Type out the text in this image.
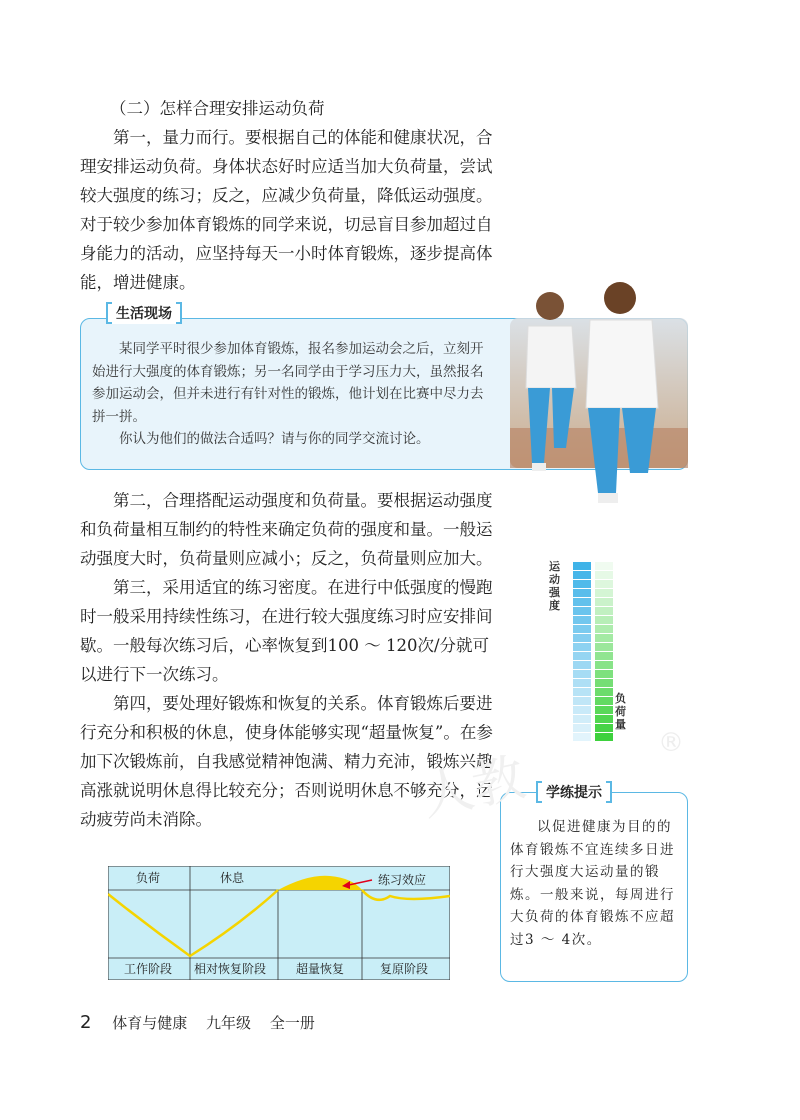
（二）怎样合理安排运动负荷

第一，量力而行。要根据自己的体能和健康状况，合理安排运动负荷。身体状态好时应适当加大负荷量，尝试较大强度的练习；反之，应减少负荷量，降低运动强度。对于较少参加体育锻炼的同学来说，切忌盲目参加超过自身能力的活动，应坚持每天一小时体育锻炼，逐步提高体能，增进健康。

生活现场

某同学平时很少参加体育锻炼，报名参加运动会之后，立刻开始进行大强度的体育锻炼；另一名同学由于学习压力大，虽然报名参加运动会，但并未进行有针对性的锻炼，他计划在比赛中尽力去拼一拼。

你认为他们的做法合适吗？请与你的同学交流讨论。

第二，合理搭配运动强度和负荷量。要根据运动强度和负荷量相互制约的特性来确定负荷的强度和量。一般运动强度大时，负荷量则应减小；反之，负荷量则应加大。

第三，采用适宜的练习密度。在进行中低强度的慢跑时一般采用持续性练习，在进行较大强度练习时应安排间歇。一般每次练习后，心率恢复到100 ～ 120次/分就可以进行下一次练习。

第四，要处理好锻炼和恢复的关系。体育锻炼后要进行充分和积极的休息，使身体能够实现“超量恢复”。在参加下次锻炼前，自我感觉精神饱满、精力充沛，锻炼兴趣高涨就说明休息得比较充分；否则说明休息不够充分，运动疲劳尚未消除。

运动强度
负荷量
学练提示

以促进健康为目的的体育锻炼不宜连续多日进行大强度大运动量的锻炼。一般来说，每周进行大负荷的体育锻炼不应超过3 ～ 4次。

®
人教
负荷	休息	练习效应
工作阶段 相对恢复阶段 超量恢复	复原阶段
2 体育与健康 九年级 全一册
